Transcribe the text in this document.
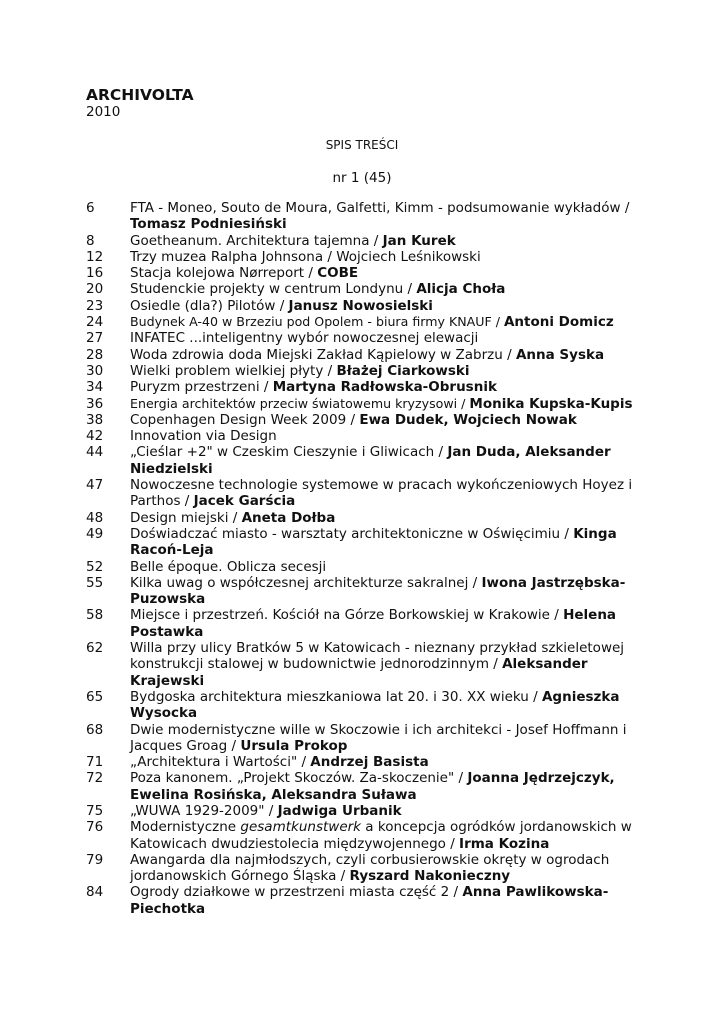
ARCHIVOLTA
2010
SPIS TREŚCI
nr 1 (45)
6	FTA - Moneo, Souto de Moura, Galfetti, Kimm - podsumowanie wykładów / Tomasz Podniesiński
8	Goetheanum. Architektura tajemna / Jan Kurek
12 Trzy muzea Ralpha Johnsona / Wojciech Leśnikowski
16 Stacja kolejowa Nørreport / COBE
20 Studenckie projekty w centrum Londynu / Alicja Choła
23 Osiedle (dla?) Pilotów / Janusz Nowosielski
24 Budynek A-40 w Brzeziu pod Opolem - biura firmy KNAUF / Antoni Domicz
27 INFATEC ...inteligentny wybór nowoczesnej elewacji
28 Woda zdrowia doda Miejski Zakład Kąpielowy w Zabrzu / Anna Syska
30 Wielki problem wielkiej płyty / Błażej Ciarkowski
34 Puryzm przestrzeni / Martyna Radłowska-Obrusnik
36 Energia architektów przeciw światowemu kryzysowi / Monika Kupska-Kupis
38 Copenhagen Design Week 2009 / Ewa Dudek, Wojciech Nowak
42 Innovation via Design
44 „Cieślar +2" w Czeskim Cieszynie i Gliwicach / Jan Duda, Aleksander Niedzielski
47 Nowoczesne technologie systemowe w pracach wykończeniowych Hoyez i Parthos / Jacek Garścia
48 Design miejski / Aneta Dołba
49 Doświadczać miasto - warsztaty architektoniczne w Oświęcimiu / Kinga Racoń-Leja
52 Belle époque. Oblicza secesji
55 Kilka uwag o współczesnej architekturze sakralnej / Iwona Jastrzębska-Puzowska
58 Miejsce i przestrzeń. Kościół na Górze Borkowskiej w Krakowie / Helena Postawka
62 Willa przy ulicy Bratków 5 w Katowicach - nieznany przykład szkieletowej konstrukcji stalowej w budownictwie jednorodzinnym / Aleksander Krajewski
65 Bydgoska architektura mieszkaniowa lat 20. i 30. XX wieku / Agnieszka Wysocka
68 Dwie modernistyczne wille w Skoczowie i ich architekci - Josef Hoffmann i Jacques Groag / Ursula Prokop
71 „Architektura i Wartości" / Andrzej Basista
72 Poza kanonem. „Projekt Skoczów. Za-skoczenie" / Joanna Jędrzejczyk, Ewelina Rosińska, Aleksandra Suława
75 „WUWA 1929-2009" / Jadwiga Urbanik
76 Modernistyczne gesamtkunstwerk a koncepcja ogródków jordanowskich w Katowicach dwudziestolecia międzywojennego / Irma Kozina
79 Awangarda dla najmłodszych, czyli corbusierowskie okręty w ogrodach jordanowskich Górnego Śląska / Ryszard Nakonieczny
84 Ogrody działkowe w przestrzeni miasta część 2 / Anna Pawlikowska-Piechotka
